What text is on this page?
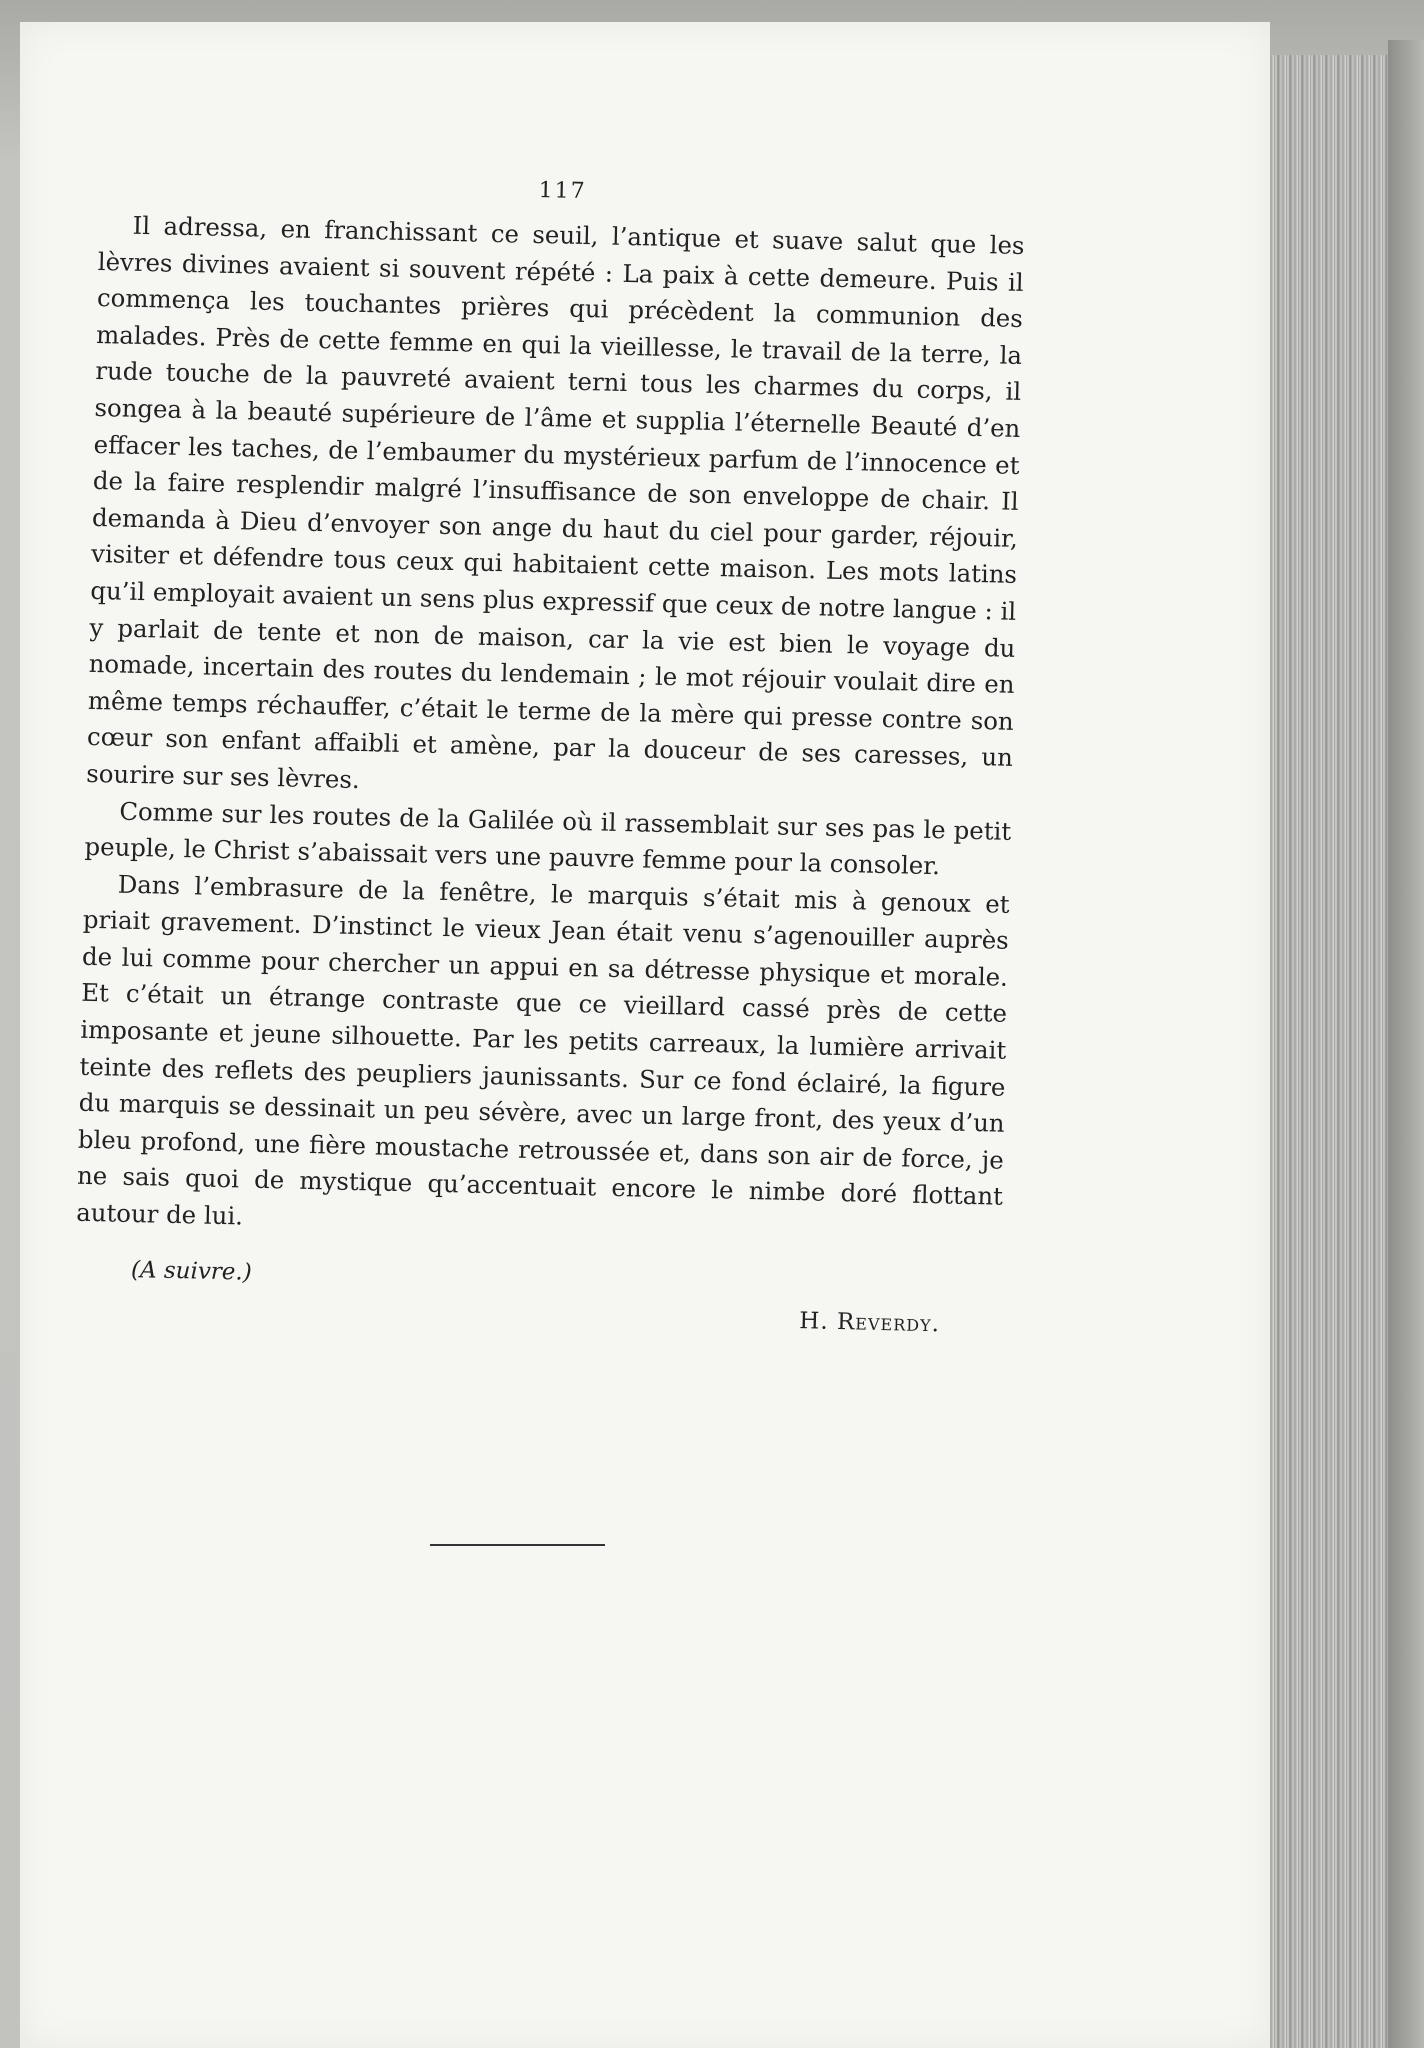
117

Il adressa, en franchissant ce seuil, l’antique et suave salut que les lèvres divines avaient si souvent répété : La paix à cette demeure. Puis il commença les touchantes prières qui précèdent la communion des malades. Près de cette femme en qui la vieillesse, le travail de la terre, la rude touche de la pauvreté avaient terni tous les charmes du corps, il songea à la beauté supérieure de l’âme et supplia l’éternelle Beauté d’en effacer les taches, de l’embaumer du mystérieux parfum de l’innocence et de la faire resplendir malgré l’insuffisance de son enveloppe de chair. Il demanda à Dieu d’envoyer son ange du haut du ciel pour garder, réjouir, visiter et défendre tous ceux qui habitaient cette maison. Les mots latins qu’il employait avaient un sens plus expressif que ceux de notre langue : il y parlait de tente et non de maison, car la vie est bien le voyage du nomade, incertain des routes du lendemain ; le mot réjouir voulait dire en même temps réchauffer, c’était le terme de la mère qui presse contre son cœur son enfant affaibli et amène, par la douceur de ses caresses, un sourire sur ses lèvres.

Comme sur les routes de la Galilée où il rassemblait sur ses pas le petit peuple, le Christ s’abaissait vers une pauvre femme pour la consoler.

Dans l’embrasure de la fenêtre, le marquis s’était mis à genoux et priait gravement. D’instinct le vieux Jean était venu s’agenouiller auprès de lui comme pour chercher un appui en sa détresse physique et morale. Et c’était un étrange contraste que ce vieillard cassé près de cette imposante et jeune silhouette. Par les petits carreaux, la lumière arrivait teinte des reflets des peupliers jaunissants. Sur ce fond éclairé, la figure du marquis se dessinait un peu sévère, avec un large front, des yeux d’un bleu profond, une fière moustache retroussée et, dans son air de force, je ne sais quoi de mystique qu’accentuait encore le nimbe doré flottant autour de lui.

(A suivre.)
H. Reverdy.
